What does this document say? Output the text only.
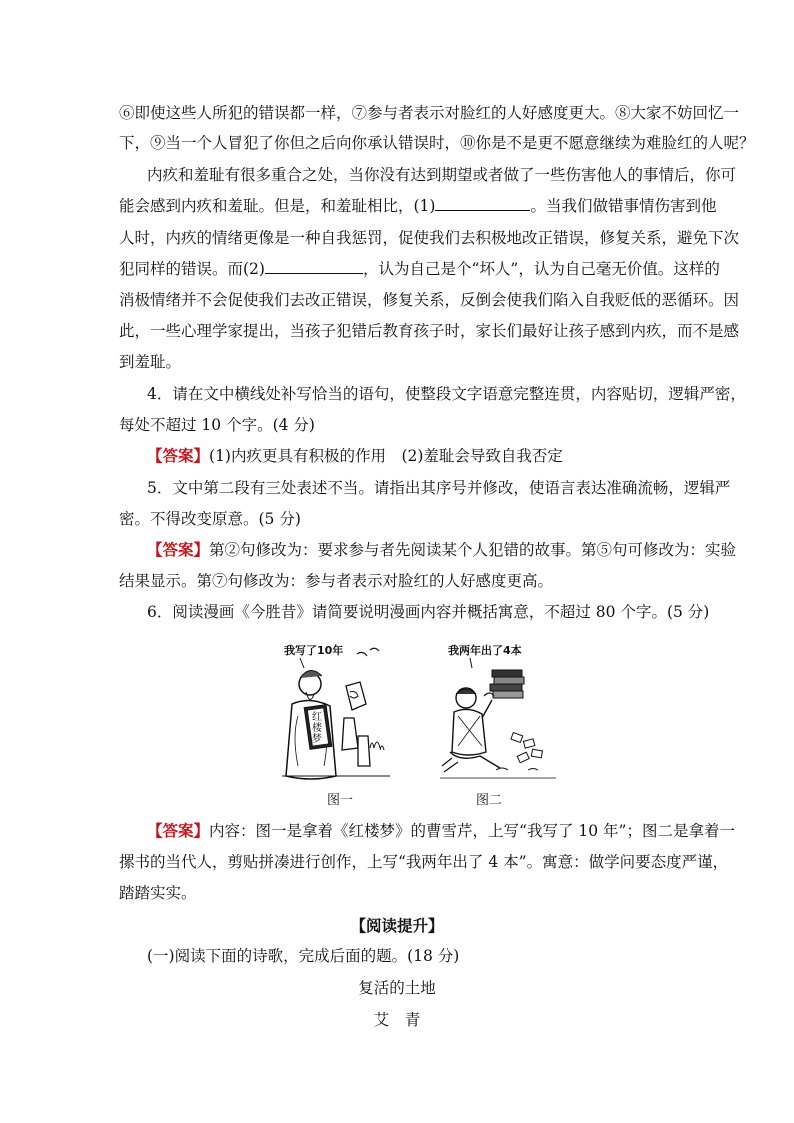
⑥即使这些人所犯的错误都一样，⑦参与者表示对脸红的人好感度更大。⑧大家不妨回忆一
下，⑨当一个人冒犯了你但之后向你承认错误时，⑩你是不是更不愿意继续为难脸红的人呢？
内疚和羞耻有很多重合之处，当你没有达到期望或者做了一些伤害他人的事情后，你可
能会感到内疚和羞耻。但是，和羞耻相比，(1)	。当我们做错事情伤害到他
人时，内疚的情绪更像是一种自我惩罚，促使我们去积极地改正错误，修复关系，避免下次
犯同样的错误。而(2)	，认为自己是个“坏人”，认为自己毫无价值。这样的
消极情绪并不会促使我们去改正错误，修复关系，反倒会使我们陷入自我贬低的恶循环。因
此，一些心理学家提出，当孩子犯错后教育孩子时，家长们最好让孩子感到内疚，而不是感
到羞耻。
4．请在文中横线处补写恰当的语句，使整段文字语意完整连贯，内容贴切，逻辑严密，
每处不超过 10 个字。(4 分)
【答案】(1)内疚更具有积极的作用　(2)羞耻会导致自我否定
5．文中第二段有三处表述不当。请指出其序号并修改，使语言表达准确流畅，逻辑严
密。不得改变原意。(5 分)
【答案】第②句修改为：要求参与者先阅读某个人犯错的故事。第⑤句可修改为：实验
结果显示。第⑦句修改为：参与者表示对脸红的人好感度更高。
6．阅读漫画《今胜昔》请简要说明漫画内容并概括寓意，不超过 80 个字。(5 分)
我写了10年
红楼梦
图一
我两年出了4本
图二
【答案】内容：图一是拿着《红楼梦》的曹雪芹，上写“我写了 10 年”；图二是拿着一
摞书的当代人，剪贴拼凑进行创作，上写“我两年出了 4 本”。寓意：做学问要态度严谨，
踏踏实实。
【阅读提升】
(一)阅读下面的诗歌，完成后面的题。(18 分)
复活的土地
艾　青
